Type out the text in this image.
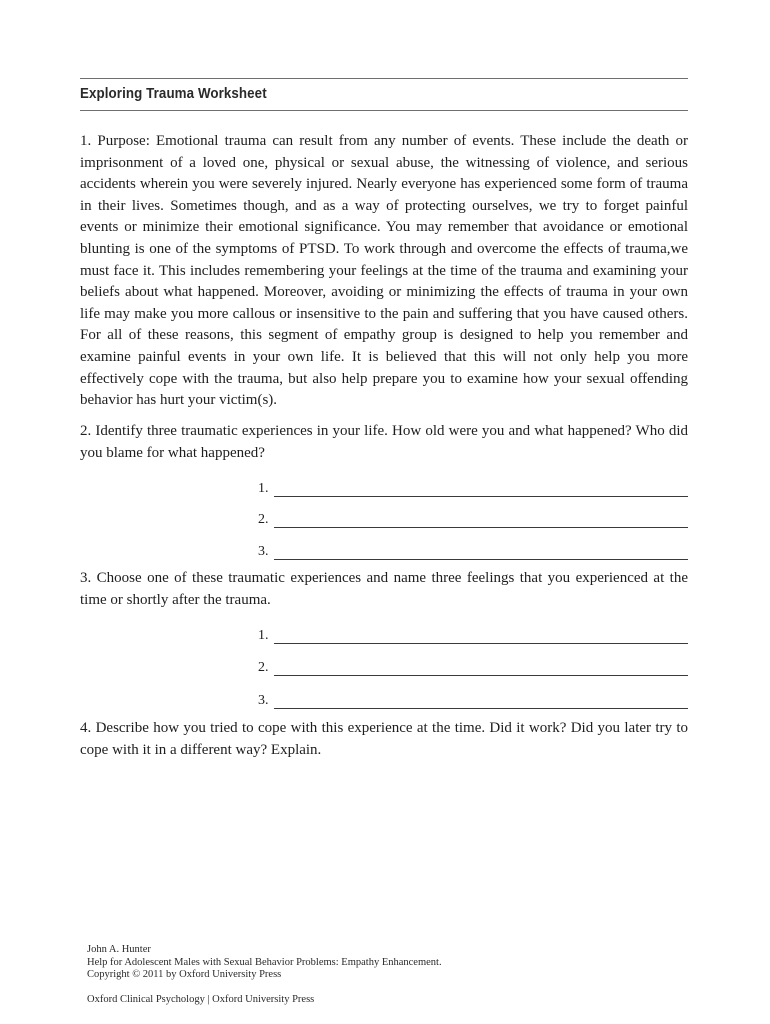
Exploring Trauma Worksheet

1. Purpose: Emotional trauma can result from any number of events. These include the death or imprisonment of a loved one, physical or sexual abuse, the witnessing of violence, and serious accidents wherein you were severely injured. Nearly everyone has experienced some form of trauma in their lives. Sometimes though, and as a way of protecting ourselves, we try to forget painful events or minimize their emotional significance. You may remember that avoidance or emotional blunting is one of the symptoms of PTSD. To work through and overcome the effects of trauma,we must face it. This includes remembering your feelings at the time of the trauma and examining your beliefs about what happened. Moreover, avoiding or minimizing the effects of trauma in your own life may make you more callous or insensitive to the pain and suffering that you have caused others. For all of these reasons, this segment of empathy group is designed to help you remember and examine painful events in your own life. It is believed that this will not only help you more effectively cope with the trauma, but also help prepare you to examine how your sexual offending behavior has hurt your victim(s).

2. Identify three traumatic experiences in your life. How old were you and what happened? Who did you blame for what happened?

1.
2.
3.

3. Choose one of these traumatic experiences and name three feelings that you experienced at the time or shortly after the trauma.

1.
2.
3.

4. Describe how you tried to cope with this experience at the time. Did it work? Did you later try to cope with it in a different way? Explain.

John A. Hunter
Help for Adolescent Males with Sexual Behavior Problems: Empathy Enhancement.
Copyright © 2011 by Oxford University Press
Oxford Clinical Psychology | Oxford University Press
